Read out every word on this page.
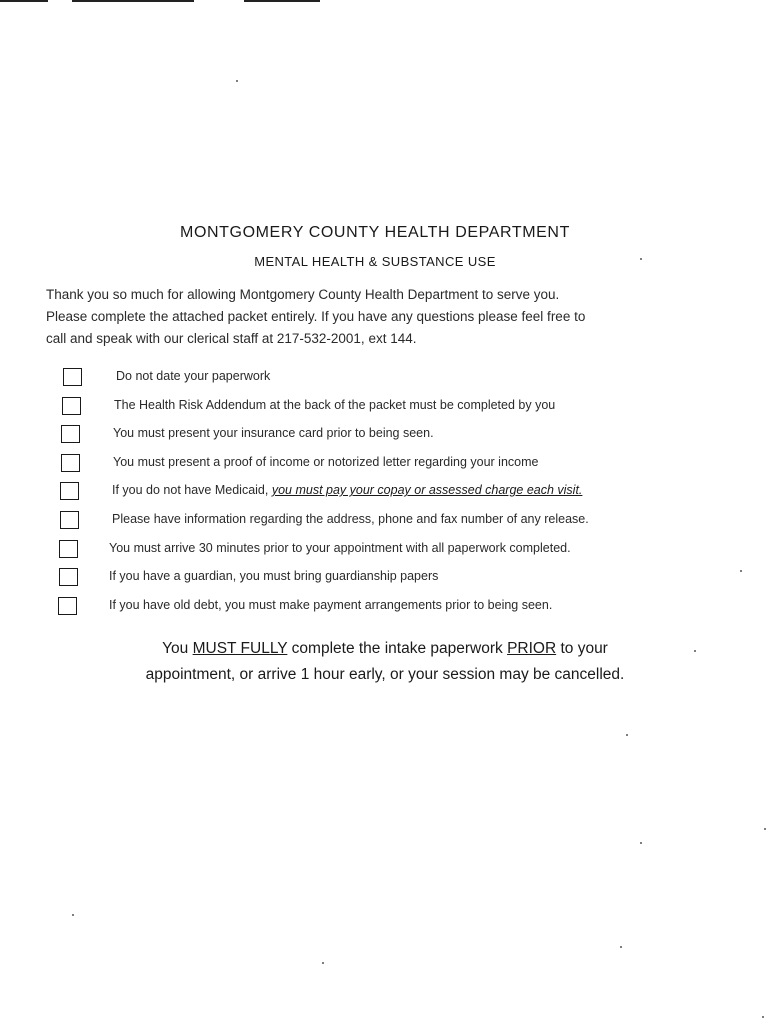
MONTGOMERY COUNTY HEALTH DEPARTMENT
MENTAL HEALTH & SUBSTANCE USE
Thank you so much for allowing Montgomery County Health Department to serve you.
Please complete the attached packet entirely. If you have any questions please feel free to
call and speak with our clerical staff at 217-532-2001, ext 144.
Do not date your paperwork
The Health Risk Addendum at the back of the packet must be completed by you
You must present your insurance card prior to being seen.
You must present a proof of income or notorized letter regarding your income
If you do not have Medicaid, you must pay your copay or assessed charge each visit.
Please have information regarding the address, phone and fax number of any release.
You must arrive 30 minutes prior to your appointment with all paperwork completed.
If you have a guardian, you must bring guardianship papers
If you have old debt, you must make payment arrangements prior to being seen.
You MUST FULLY complete the intake paperwork PRIOR to your
appointment, or arrive 1 hour early, or your session may be cancelled.
